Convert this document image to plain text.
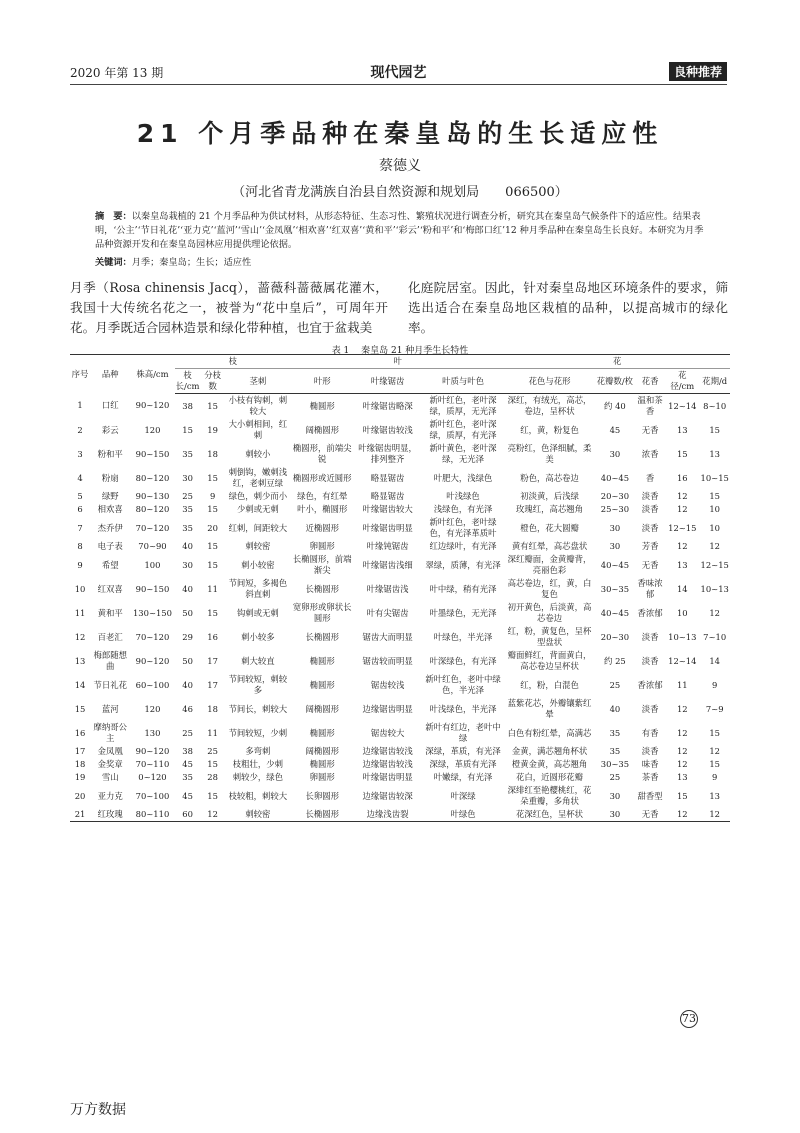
2020 年第 13 期	现代园艺	良种推荐
21 个月季品种在秦皇岛的生长适应性
蔡德义
（河北省青龙满族自治县自然资源和规划局　　066500）
摘　要：以秦皇岛栽植的 21 个月季品种为供试材料，从形态特征、生态习性、繁殖状况进行调查分析，研究其在秦皇岛气候条件下的适应性。结果表明，‘公主’‘节日礼花’‘亚力克’‘蓝河’‘雪山’‘金凤凰’‘相欢喜’‘红双喜’‘黄和平’‘彩云’‘粉和平’和‘梅郎口红’12 种月季品种在秦皇岛生长良好。本研究为月季品种资源开发和在秦皇岛园林应用提供理论依据。
关键词：月季；秦皇岛；生长；适应性
月季（Rosa chinensis Jacq），蔷薇科蔷薇属花灌木，我国十大传统名花之一，被誉为“花中皇后”，可周年开花。月季既适合园林造景和绿化带种植，也宜于盆栽美
化庭院居室。因此，针对秦皇岛地区环境条件的要求，筛选出适合在秦皇岛地区栽植的品种，以提高城市的绿化率。
表 1　 秦皇岛 21 种月季生长特性
序号	品种	株高/cm	枝			叶			花				
			枝长/cm	分枝数	茎刺	叶形	叶缘锯齿	叶质与叶色	花色与花形	花瓣数/枚	花香	花径/cm	花期/d

1	口红	90~120	38	15	小枝有钩刺，刺较大	椭圆形	叶缘锯齿略深	新叶红色，老叶深绿，质厚，无光泽	深红，有绒光，高芯，卷边，呈杯状	约 40	温和茶香	12~14	8~10
2	彩云	120	15	19	大小刺相间，红刺	阔椭圆形	叶缘锯齿较浅	新叶红色，老叶深绿，质厚，有光泽	红，黄，粉复色	45	无香	13	15
3	粉和平	90~150	35	18	刺较小	椭圆形，前端尖锐	叶缘锯齿明显，排列整齐	新叶黄色，老叶深绿，无光泽	亮粉红，色泽细腻，柔美	30	浓香	15	13
4	粉扇	80~120	30	15	刺倒钩，嫩刺浅红，老刺豆绿	椭圆形或近圆形	略显锯齿	叶肥大，浅绿色	粉色，高芯卷边	40~45	香	16	10~15
5	绿野	90~130	25	9	绿色，刺少而小	绿色，有红晕	略显锯齿	叶浅绿色	初淡黄，后浅绿	20~30	淡香	12	15
6	相欢喜	80~120	35	15	少刺或无刺	叶小，椭圆形	叶缘锯齿较大	浅绿色，有光泽	玫瑰红，高芯翘角	25~30	淡香	12	10
7	杰乔伊	70~120	35	20	红刺，间距较大	近椭圆形	叶缘锯齿明显	新叶红色，老叶绿色，有光泽革质叶	橙色，花大圆瓣	30	淡香	12~15	10
8	电子表	70~90	40	15	刺较密	卵圆形	叶缘钝锯齿	红边绿叶，有光泽	黄有红晕，高芯盘状	30	芳香	12	12
9	希望	100	30	15	刺小较密	长椭圆形，前端渐尖	叶缘锯齿浅细	翠绿，质薄，有光泽	深红瓣面，金黄瓣背，亮丽色彩	40~45	无香	13	12~15
10	红双喜	90~150	40	11	节间短，多褐色斜直刺	长椭圆形	叶缘锯齿浅	叶中绿，稍有光泽	高芯卷边，红，黄，白复色	30~35	香味浓郁	14	10~13
11	黄和平	130~150	50	15	钩刺或无刺	宽卵形或卵状长圆形	叶有尖锯齿	叶墨绿色，无光泽	初开黄色，后淡黄，高芯卷边	40~45	香浓郁	10	12
12	百老汇	70~120	29	16	刺小较多	长椭圆形	锯齿大而明显	叶绿色，半光泽	红，粉，黄复色，呈杯型盘状	20~30	淡香	10~13	7~10
13	梅郎随想曲	90~120	50	17	刺大较直	椭圆形	锯齿较而明显	叶深绿色，有光泽	瓣面鲜红，背面黄白，高芯卷边呈杯状	约 25	淡香	12~14	14
14	节日礼花	60~100	40	17	节间较短，刺较多	椭圆形	锯齿较浅	新叶红色，老叶中绿色，半光泽	红，粉，白混色	25	香浓郁	11	9
15	蓝河	120	46	18	节间长，刺较大	阔椭圆形	边缘锯齿明显	叶浅绿色，半光泽	蓝紫花芯，外瓣镶紫红晕	40	淡香	12	7~9
16	摩纳哥公主	130	25	11	节间较短，少刺	椭圆形	锯齿较大	新叶有红边，老叶中绿	白色有粉红晕，高满芯	35	有香	12	15
17	金凤凰	90~120	38	25	多弯刺	阔椭圆形	边缘锯齿较浅	深绿，革质，有光泽	金黄，满芯翘角杯状	35	淡香	12	12
18	金奖章	70~110	45	15	枝粗壮，少刺	椭圆形	边缘锯齿较浅	深绿，革质有光泽	橙黄金黄，高芯翘角	30~35	味香	12	15
19	雪山	0~120	35	28	刺较少，绿色	卵圆形	叶缘锯齿明显	叶嫩绿，有光泽	花白，近圆形花瓣	25	茶香	13	9
20	亚力克	70~100	45	15	枝较粗，刺较大	长卵圆形	边缘锯齿较深	叶深绿	深绯红至艳樱桃红，花朵重瓣，多角状	30	甜香型	15	13
21	红玫瑰	80~110	60	12	刺较密	长椭圆形	边缘浅齿裂	叶绿色	花深红色，呈杯状	30	无香	12	12
73
万方数据
